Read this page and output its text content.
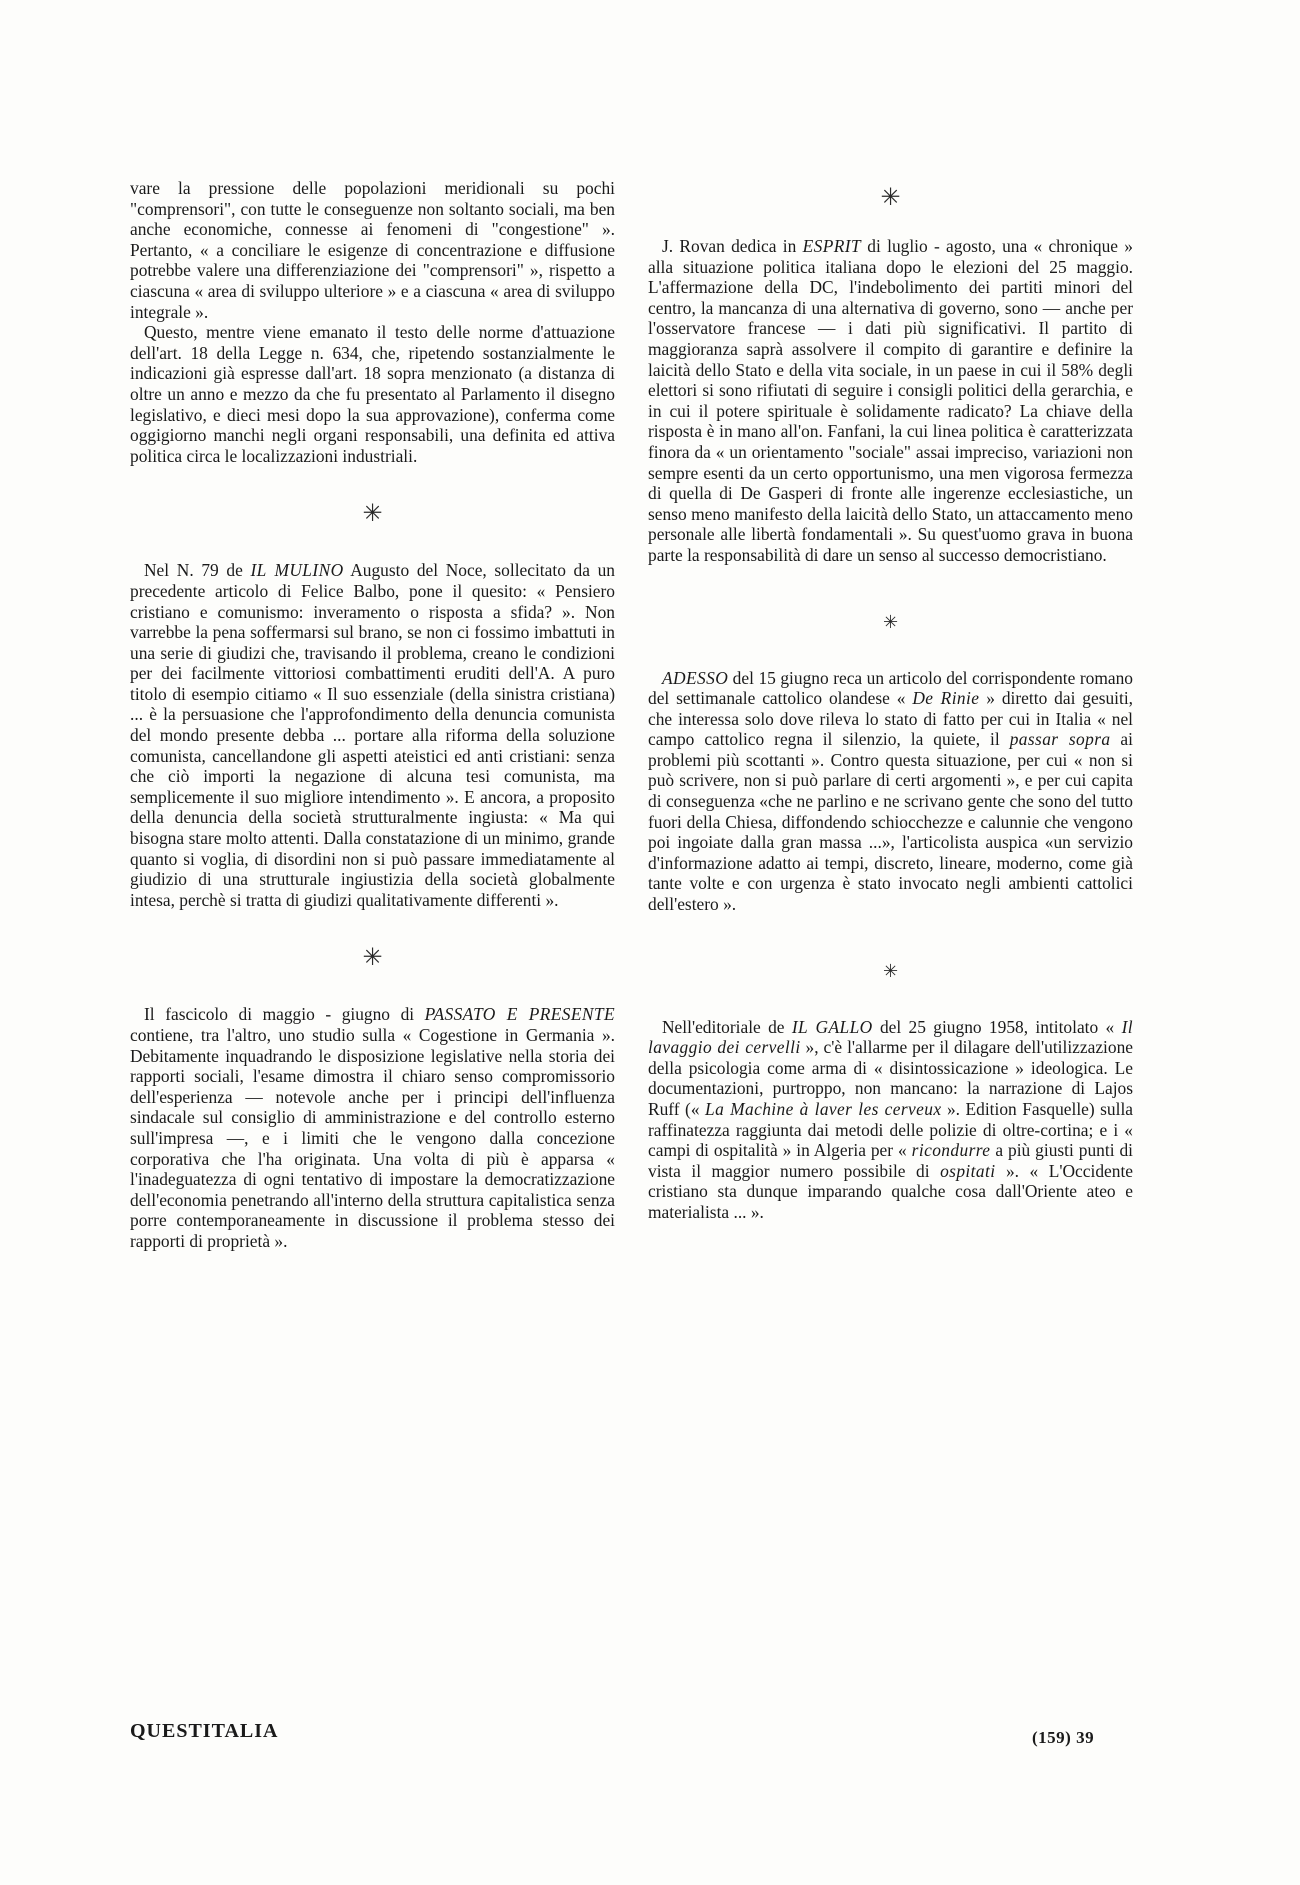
vare la pressione delle popolazioni meridionali su pochi "comprensori", con tutte le conseguenze non soltanto sociali, ma ben anche economiche, connesse ai fenomeni di "congestione" ». Pertanto, « a conciliare le esigenze di concentrazione e diffusione potrebbe valere una differenziazione dei "comprensori" », rispetto a ciascuna « area di sviluppo ulteriore » e a ciascuna « area di sviluppo integrale ».

Questo, mentre viene emanato il testo delle norme d'attuazione dell'art. 18 della Legge n. 634, che, ripetendo sostanzialmente le indicazioni già espresse dall'art. 18 sopra menzionato (a distanza di oltre un anno e mezzo da che fu presentato al Parlamento il disegno legislativo, e dieci mesi dopo la sua approvazione), conferma come oggigiorno manchi negli organi responsabili, una definita ed attiva politica circa le localizzazioni industriali.

✳

Nel N. 79 de IL MULINO Augusto del Noce, sollecitato da un precedente articolo di Felice Balbo, pone il quesito: « Pensiero cristiano e comunismo: inveramento o risposta a sfida? ». Non varrebbe la pena soffermarsi sul brano, se non ci fossimo imbattuti in una serie di giudizi che, travisando il problema, creano le condizioni per dei facilmente vittoriosi combattimenti eruditi dell'A. A puro titolo di esempio citiamo « Il suo essenziale (della sinistra cristiana) ... è la persuasione che l'approfondimento della denuncia comunista del mondo presente debba ... portare alla riforma della soluzione comunista, cancellandone gli aspetti ateistici ed anti cristiani: senza che ciò importi la negazione di alcuna tesi comunista, ma semplicemente il suo migliore intendimento ». E ancora, a proposito della denuncia della società strutturalmente ingiusta: « Ma qui bisogna stare molto attenti. Dalla constatazione di un minimo, grande quanto si voglia, di disordini non si può passare immediatamente al giudizio di una strutturale ingiustizia della società globalmente intesa, perchè si tratta di giudizi qualitativamente differenti ».

✳

Il fascicolo di maggio - giugno di PASSATO E PRESENTE contiene, tra l'altro, uno studio sulla « Cogestione in Germania ». Debitamente inquadrando le disposizione legislative nella storia dei rapporti sociali, l'esame dimostra il chiaro senso compromissorio dell'esperienza — notevole anche per i principi dell'influenza sindacale sul consiglio di amministrazione e del controllo esterno sull'impresa —, e i limiti che le vengono dalla concezione corporativa che l'ha originata. Una volta di più è apparsa « l'inadeguatezza di ogni tentativo di impostare la democratizzazione dell'economia penetrando all'interno della struttura capitalistica senza porre contemporaneamente in discussione il problema stesso dei rapporti di proprietà ».

✳

J. Rovan dedica in ESPRIT di luglio - agosto, una « chronique » alla situazione politica italiana dopo le elezioni del 25 maggio. L'affermazione della DC, l'indebolimento dei partiti minori del centro, la mancanza di una alternativa di governo, sono — anche per l'osservatore francese — i dati più significativi. Il partito di maggioranza saprà assolvere il compito di garantire e definire la laicità dello Stato e della vita sociale, in un paese in cui il 58% degli elettori si sono rifiutati di seguire i consigli politici della gerarchia, e in cui il potere spirituale è solidamente radicato? La chiave della risposta è in mano all'on. Fanfani, la cui linea politica è caratterizzata finora da « un orientamento "sociale" assai impreciso, variazioni non sempre esenti da un certo opportunismo, una men vigorosa fermezza di quella di De Gasperi di fronte alle ingerenze ecclesiastiche, un senso meno manifesto della laicità dello Stato, un attaccamento meno personale alle libertà fondamentali ». Su quest'uomo grava in buona parte la responsabilità di dare un senso al successo democristiano.

✳

ADESSO del 15 giugno reca un articolo del corrispondente romano del settimanale cattolico olandese « De Rinie » diretto dai gesuiti, che interessa solo dove rileva lo stato di fatto per cui in Italia « nel campo cattolico regna il silenzio, la quiete, il passar sopra ai problemi più scottanti ». Contro questa situazione, per cui « non si può scrivere, non si può parlare di certi argomenti », e per cui capita di conseguenza «che ne parlino e ne scrivano gente che sono del tutto fuori della Chiesa, diffondendo schiocchezze e calunnie che vengono poi ingoiate dalla gran massa ...», l'articolista auspica «un servizio d'informazione adatto ai tempi, discreto, lineare, moderno, come già tante volte e con urgenza è stato invocato negli ambienti cattolici dell'estero ».

✳

Nell'editoriale de IL GALLO del 25 giugno 1958, intitolato « Il lavaggio dei cervelli », c'è l'allarme per il dilagare dell'utilizzazione della psicologia come arma di « disintossicazione » ideologica. Le documentazioni, purtroppo, non mancano: la narrazione di Lajos Ruff (« La Machine à laver les cerveux ». Edition Fasquelle) sulla raffinatezza raggiunta dai metodi delle polizie di oltre-cortina; e i « campi di ospitalità » in Algeria per « ricondurre a più giusti punti di vista il maggior numero possibile di ospitati ». « L'Occidente cristiano sta dunque imparando qualche cosa dall'Oriente ateo e materialista ... ».

QUESTITALIA	(159) 39
